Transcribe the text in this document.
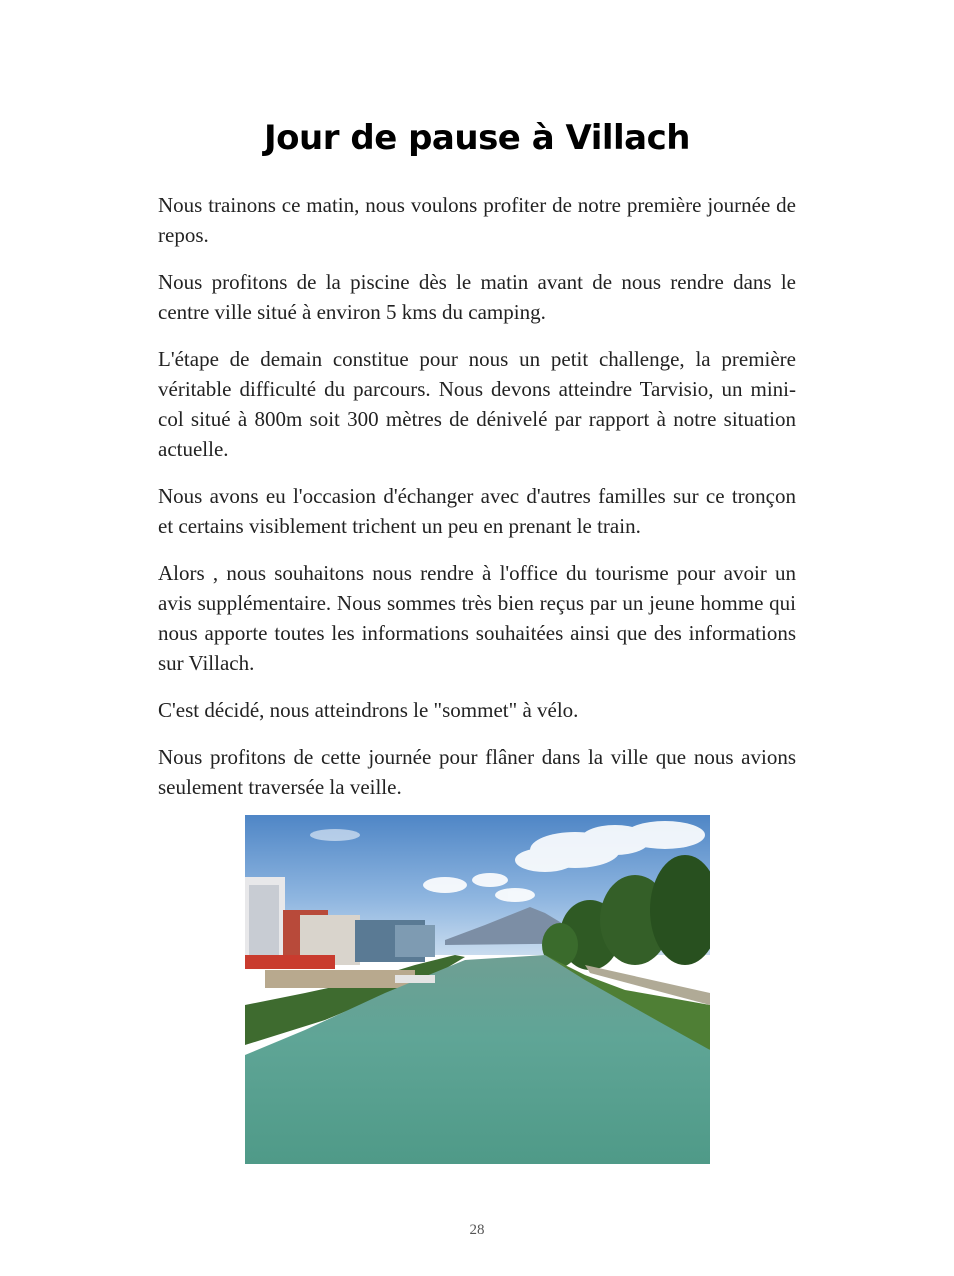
Jour de pause à Villach

Nous trainons ce matin, nous voulons profiter de notre première journée de repos.

Nous profitons de la piscine dès le matin avant de nous rendre dans le centre ville situé à environ 5 kms du camping.

L'étape de demain constitue pour nous un petit challenge, la première véritable difficulté du parcours. Nous devons atteindre Tarvisio, un mini-col situé à 800m soit 300 mètres de dénivelé par rapport à notre situation actuelle.

Nous avons eu l'occasion d'échanger avec d'autres familles sur ce tronçon et certains visiblement trichent un peu en prenant le train.

Alors , nous souhaitons nous rendre à l'office du tourisme pour avoir un avis supplémentaire. Nous sommes très bien reçus par un jeune homme qui nous apporte toutes les informations souhaitées ainsi que des informations sur Villach.

C'est décidé, nous atteindrons le "sommet" à vélo.

Nous profitons de cette journée pour flâner dans la ville que nous avions seulement traversée la veille.

28
